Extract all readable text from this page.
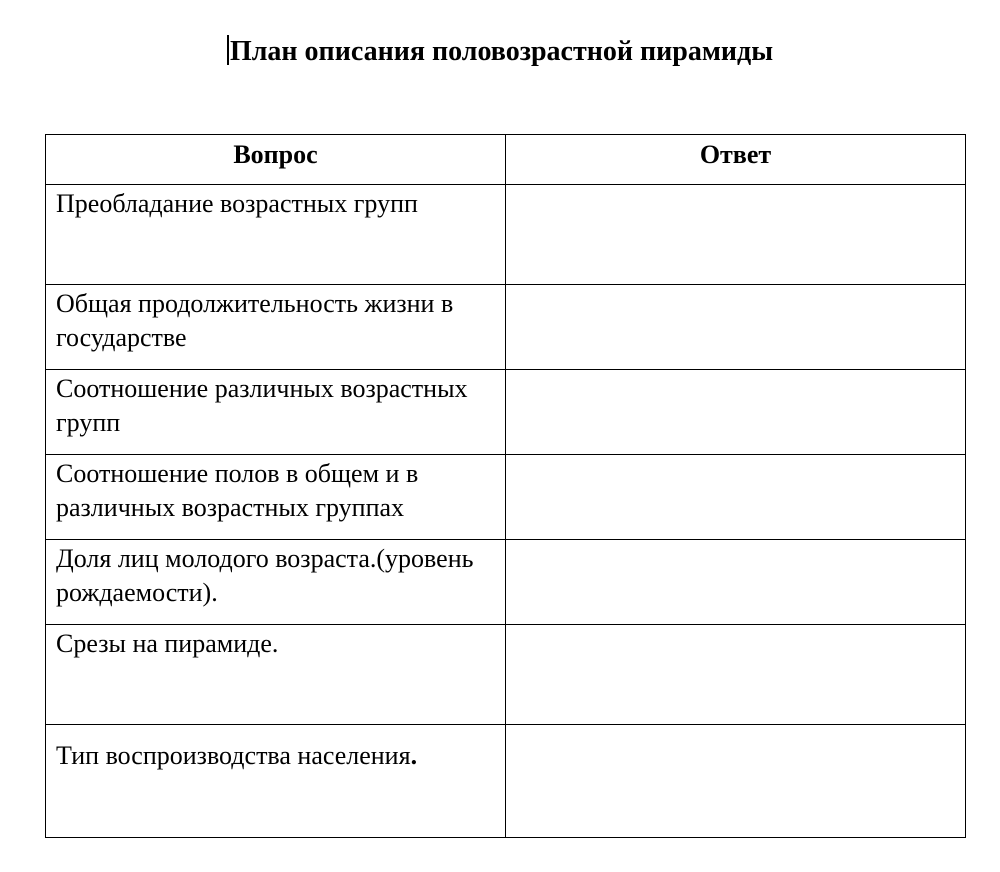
План описания половозрастной пирамиды
Вопрос	Ответ
Преобладание возрастных групп	
Общая продолжительность жизни в государстве	
Соотношение различных возрастных групп	
Соотношение полов в общем и в различных возрастных группах	
Доля лиц молодого возраста.(уровень рождаемости).	
Срезы на пирамиде.	
Тип воспроизводства населения.	
